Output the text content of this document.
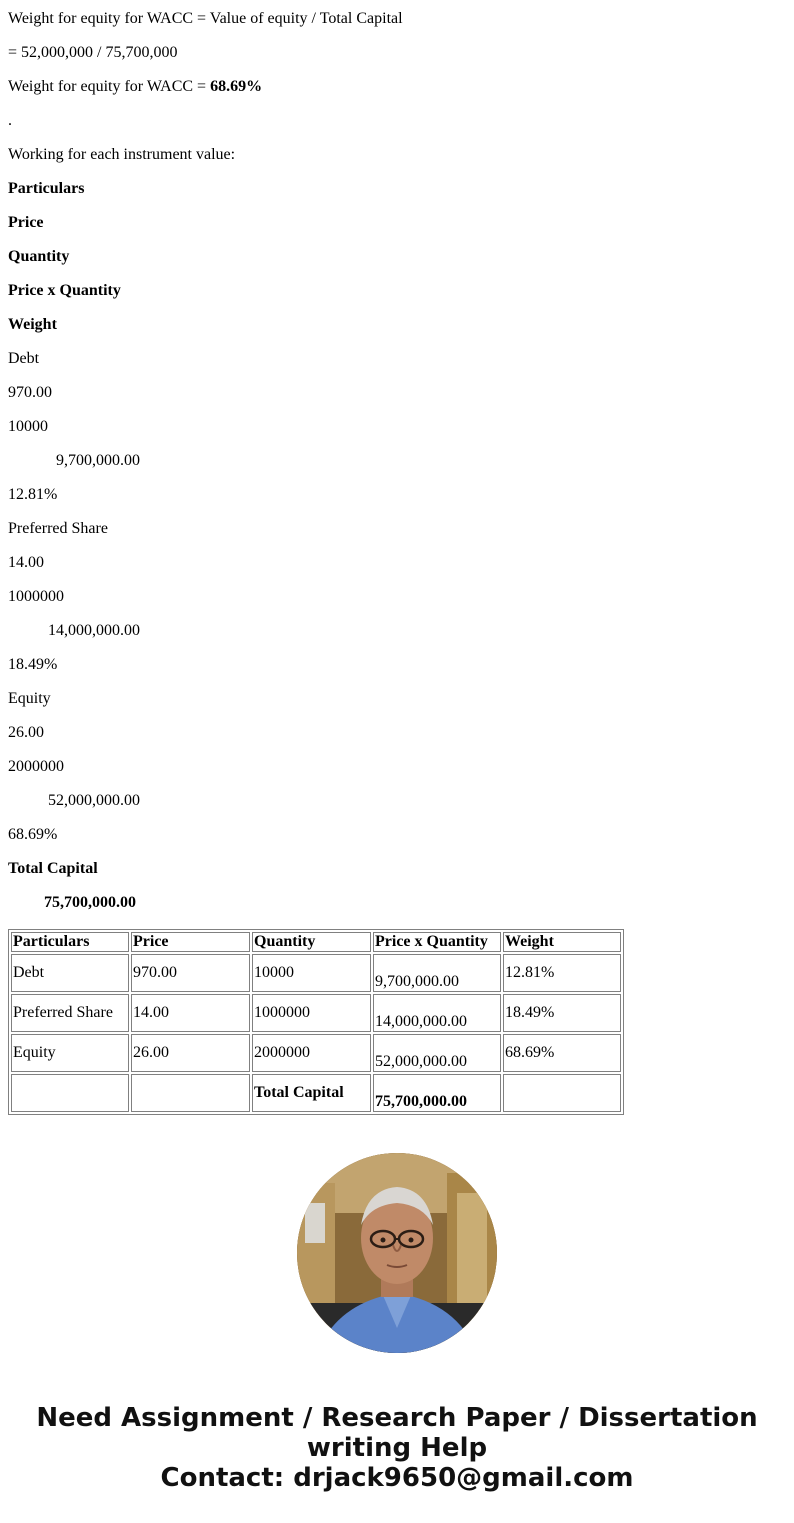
Weight for equity for WACC = Value of equity / Total Capital
= 52,000,000 / 75,700,000
Weight for equity for WACC = 68.69%
.
Working for each instrument value:
Particulars
Price
Quantity
Price x Quantity
Weight
Debt
970.00
10000
9,700,000.00
12.81%
Preferred Share
14.00
1000000
14,000,000.00
18.49%
Equity
26.00
2000000
52,000,000.00
68.69%
Total Capital
75,700,000.00
Particulars	Price	Quantity	Price x Quantity	Weight
Debt	970.00	10000	9,700,000.00	12.81%
Preferred Share	14.00	1000000	14,000,000.00	18.49%
Equity	26.00	2000000	52,000,000.00	68.69%
		Total Capital	75,700,000.00	
Need Assignment / Research Paper / Dissertation
writing Help
Contact: drjack9650@gmail.com
